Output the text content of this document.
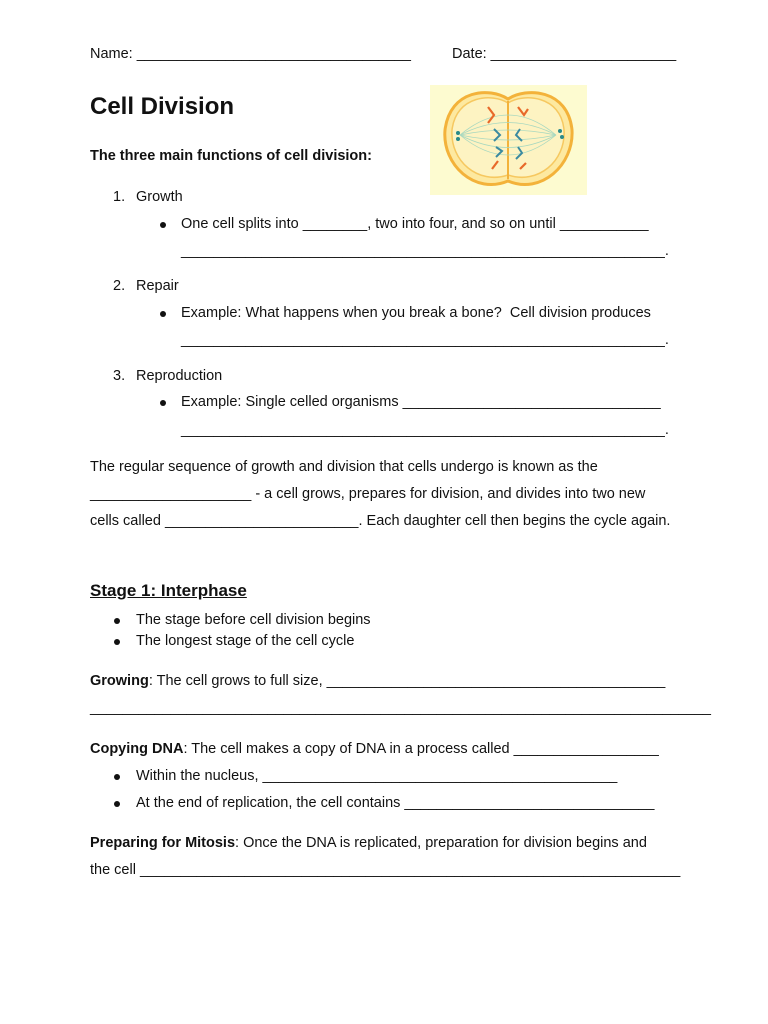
Name: __________________________________	Date: _______________________
Cell Division
The three main functions of cell division:
1. Growth
One cell splits into ________, two into four, and so on until ___________
____________________________________________________________.
2. Repair
Example: What happens when you break a bone?  Cell division produces
____________________________________________________________.
3. Reproduction
Example: Single celled organisms ________________________________
____________________________________________________________.
The regular sequence of growth and division that cells undergo is known as the
____________________ - a cell grows, prepares for division, and divides into two new
cells called ________________________. Each daughter cell then begins the cycle again.
Stage 1: Interphase
The stage before cell division begins
The longest stage of the cell cycle
Growing: The cell grows to full size, __________________________________________
_____________________________________________________________________________
Copying DNA: The cell makes a copy of DNA in a process called __________________
Within the nucleus, ____________________________________________
At the end of replication, the cell contains _______________________________
Preparing for Mitosis: Once the DNA is replicated, preparation for division begins and
the cell ___________________________________________________________________
